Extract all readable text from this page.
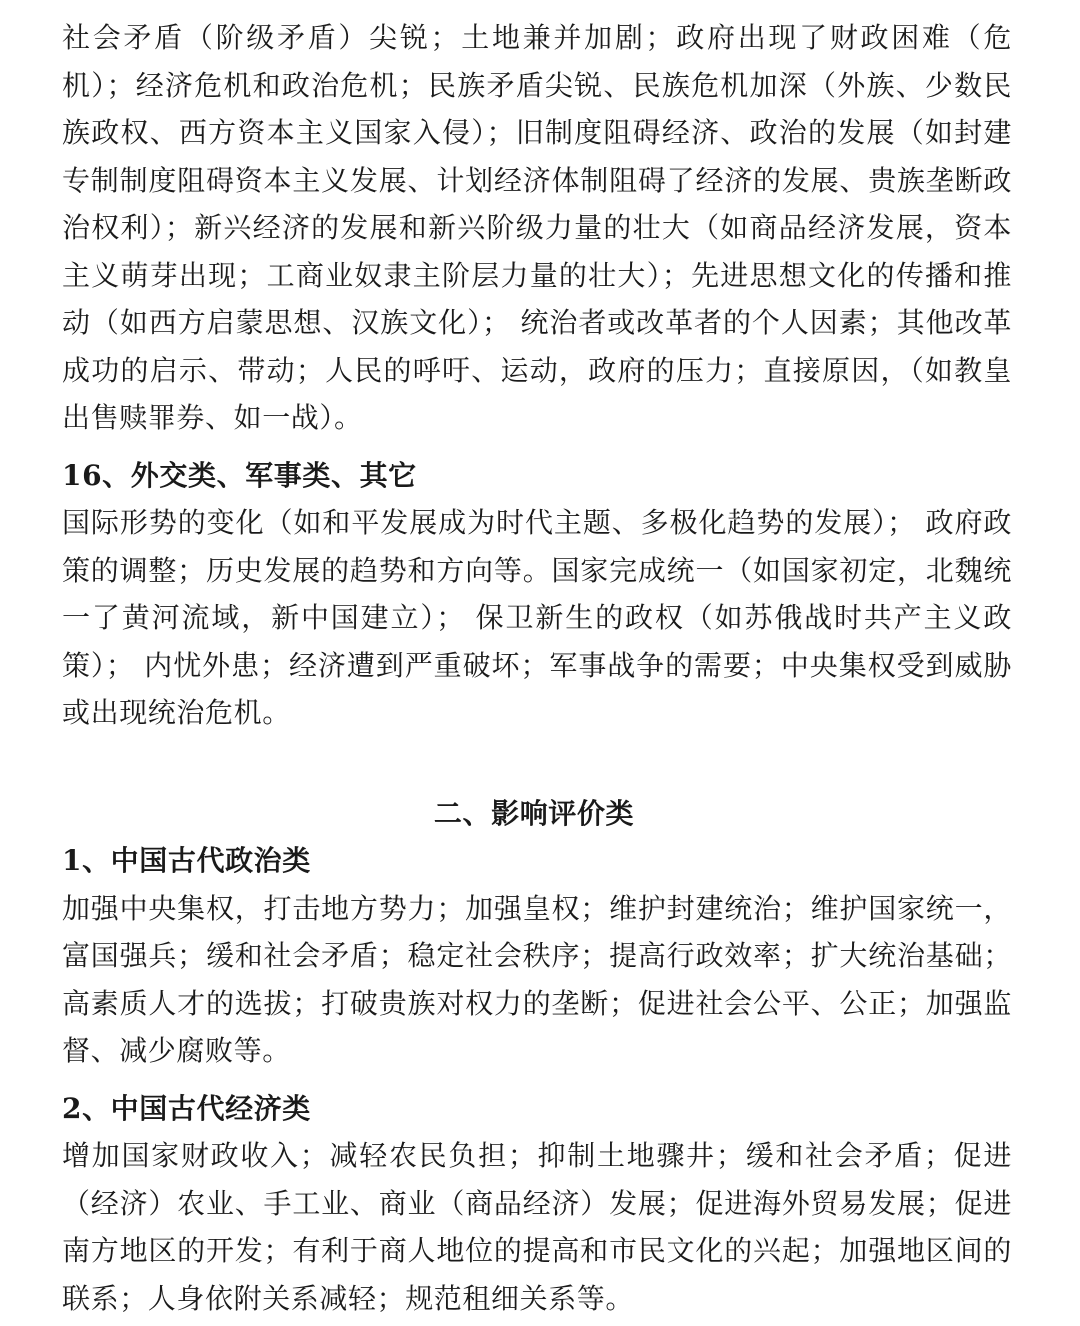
社会矛盾（阶级矛盾）尖锐；土地兼并加剧；政府出现了财政困难（危机）；经济危机和政治危机；民族矛盾尖锐、民族危机加深（外族、少数民族政权、西方资本主义国家入侵）；旧制度阻碍经济、政治的发展（如封建专制制度阻碍资本主义发展、计划经济体制阻碍了经济的发展、贵族垄断政治权利）；新兴经济的发展和新兴阶级力量的壮大（如商品经济发展，资本主义萌芽出现；工商业奴隶主阶层力量的壮大）；先进思想文化的传播和推动（如西方启蒙思想、汉族文化）； 统治者或改革者的个人因素；其他改革成功的启示、带动；人民的呼吁、运动，政府的压力；直接原因，（如教皇出售赎罪券、如一战）。

16、外交类、军事类、其它

国际形势的变化（如和平发展成为时代主题、多极化趋势的发展）； 政府政策的调整；历史发展的趋势和方向等。国家完成统一（如国家初定，北魏统一了黄河流域，新中国建立）； 保卫新生的政权（如苏俄战时共产主义政策）； 内忧外患；经济遭到严重破坏；军事战争的需要；中央集权受到威胁或出现统治危机。

二、影响评价类

1、中国古代政治类

加强中央集权，打击地方势力；加强皇权；维护封建统治；维护国家统一，富国强兵；缓和社会矛盾；稳定社会秩序；提高行政效率；扩大统治基础；高素质人才的选拔；打破贵族对权力的垄断；促进社会公平、公正；加强监督、减少腐败等。

2、中国古代经济类

增加国家财政收入；减轻农民负担；抑制土地骤井；缓和社会矛盾；促进（经济）农业、手工业、商业（商品经济）发展；促进海外贸易发展；促进南方地区的开发；有利于商人地位的提高和市民文化的兴起；加强地区间的联系；人身依附关系减轻；规范租细关系等。
